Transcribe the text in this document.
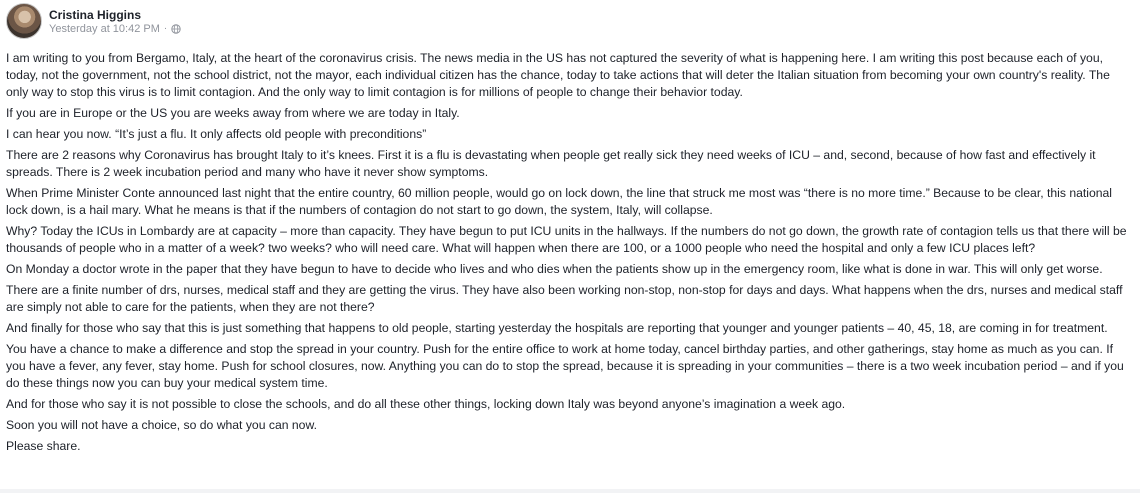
Cristina Higgins
Yesterday at 10:42 PM ·

I am writing to you from Bergamo, Italy, at the heart of the coronavirus crisis. The news media in the US has not captured the severity of what is happening here. I am writing this post because each of you, today, not the government, not the school district, not the mayor, each individual citizen has the chance, today to take actions that will deter the Italian situation from becoming your own country's reality. The only way to stop this virus is to limit contagion. And the only way to limit contagion is for millions of people to change their behavior today.

If you are in Europe or the US you are weeks away from where we are today in Italy.

I can hear you now. “It’s just a flu. It only affects old people with preconditions”

There are 2 reasons why Coronavirus has brought Italy to it’s knees. First it is a flu is devastating when people get really sick they need weeks of ICU – and, second, because of how fast and effectively it spreads. There is 2 week incubation period and many who have it never show symptoms.

When Prime Minister Conte announced last night that the entire country, 60 million people, would go on lock down, the line that struck me most was “there is no more time.” Because to be clear, this national lock down, is a hail mary. What he means is that if the numbers of contagion do not start to go down, the system, Italy, will collapse.

Why? Today the ICUs in Lombardy are at capacity – more than capacity. They have begun to put ICU units in the hallways. If the numbers do not go down, the growth rate of contagion tells us that there will be thousands of people who in a matter of a week? two weeks? who will need care. What will happen when there are 100, or a 1000 people who need the hospital and only a few ICU places left?

On Monday a doctor wrote in the paper that they have begun to have to decide who lives and who dies when the patients show up in the emergency room, like what is done in war. This will only get worse.

There are a finite number of drs, nurses, medical staff and they are getting the virus. They have also been working non-stop, non-stop for days and days. What happens when the drs, nurses and medical staff are simply not able to care for the patients, when they are not there?

And finally for those who say that this is just something that happens to old people, starting yesterday the hospitals are reporting that younger and younger patients – 40, 45, 18, are coming in for treatment.

You have a chance to make a difference and stop the spread in your country. Push for the entire office to work at home today, cancel birthday parties, and other gatherings, stay home as much as you can. If you have a fever, any fever, stay home. Push for school closures, now. Anything you can do to stop the spread, because it is spreading in your communities – there is a two week incubation period – and if you do these things now you can buy your medical system time.

And for those who say it is not possible to close the schools, and do all these other things, locking down Italy was beyond anyone’s imagination a week ago.

Soon you will not have a choice, so do what you can now.

Please share.
